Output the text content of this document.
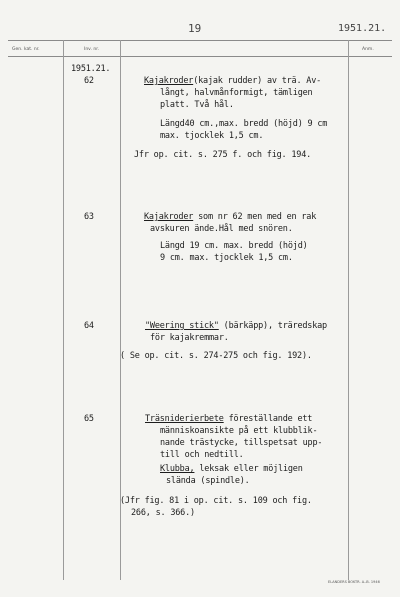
19	1951.21.
Gen. kat. nr.	Inv. nr.	Anm.
1951.21.
62	Kajakroder(kajak rudder) av trä. Av-
långt, halvmånformigt, tämligen
platt. Två hål.
Längd40 cm.,max. bredd (höjd) 9 cm
max. tjocklek 1,5 cm.
Jfr op. cit. s. 275 f. och fig. 194.
63	Kajakroder som nr 62 men med en rak
avskuren ände.Hål med snören.
Längd 19 cm. max. bredd (höjd)
9 cm. max. tjocklek 1,5 cm.
64	"Weering stick" (bärkäpp), träredskap
för kajakremmar.
( Se op. cit. s. 274-275 och fig. 192).
65	Träsniderierbete föreställande ett
människoansikte på ett klubblik-
nande trästycke, tillspetsat upp-
till och nedtill.
Klubba, leksak eller möjligen
slända (spindle).
(Jfr fig. 81 i op. cit. s. 109 och fig.
266, s. 366.)
ELANDERS BOKTR. A.-B. 1946
